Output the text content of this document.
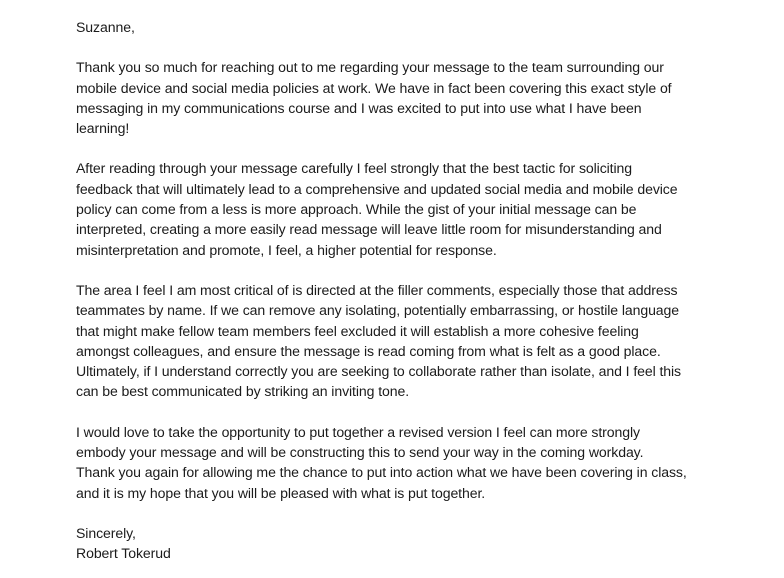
Suzanne,

Thank you so much for reaching out to me regarding your message to the team surrounding our
mobile device and social media policies at work. We have in fact been covering this exact style of
messaging in my communications course and I was excited to put into use what I have been
learning!

After reading through your message carefully I feel strongly that the best tactic for soliciting
feedback that will ultimately lead to a comprehensive and updated social media and mobile device
policy can come from a less is more approach. While the gist of your initial message can be
interpreted, creating a more easily read message will leave little room for misunderstanding and
misinterpretation and promote, I feel, a higher potential for response.

The area I feel I am most critical of is directed at the filler comments, especially those that address
teammates by name. If we can remove any isolating, potentially embarrassing, or hostile language
that might make fellow team members feel excluded it will establish a more cohesive feeling
amongst colleagues, and ensure the message is read coming from what is felt as a good place.
Ultimately, if I understand correctly you are seeking to collaborate rather than isolate, and I feel this
can be best communicated by striking an inviting tone.

I would love to take the opportunity to put together a revised version I feel can more strongly
embody your message and will be constructing this to send your way in the coming workday.
Thank you again for allowing me the chance to put into action what we have been covering in class,
and it is my hope that you will be pleased with what is put together.

Sincerely,
Robert Tokerud
